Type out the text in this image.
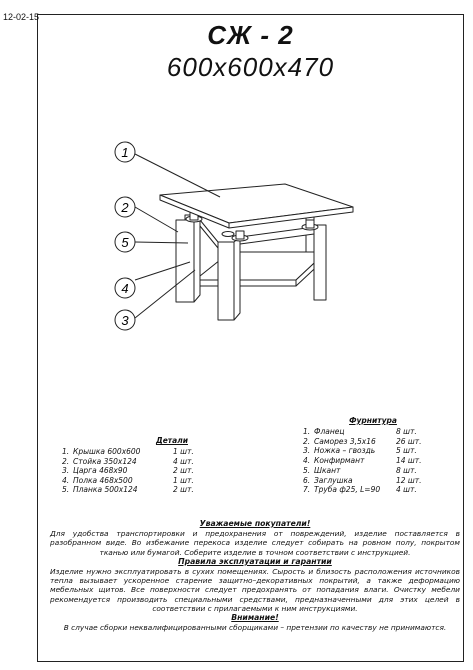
12-02-15
СЖ - 2
600x600x470
1
2
5
4
3
Детали
1. Крышка 600х600	1 шт.
2. Стойка 350х124	4 шт.
3. Царга 468х90	2 шт.
4. Полка 468х500	1 шт.
5. Планка 500х124	2 шт.
Фурнитура
1. Фланец	8 шт.
2. Саморез 3,5х16	26 шт.
3. Ножка – гвоздь	5 шт.
4. Конфирмант	14 шт.
5. Шкант	8 шт.
6. Заглушка	12 шт.
7. Труба ф25, L=90	4 шт.
Уважаемые покупатели!

Для удобства транспортировки и предохранения от повреждений, изделие поставляется в разобранном виде. Во избежание перекоса изделие следует собирать на ровном полу, покрытом тканью или бумагой. Соберите изделие в точном соответствии с инструкцией.

Правила эксплуатации и гарантии

Изделие нужно эксплуатировать в сухих помещениях. Сырость и близость расположения источников тепла вызывает ускоренное старение защитно–декоративных покрытий, а также деформацию мебельных щитов. Все поверхности следует предохранять от попадания влаги. Очистку мебели рекомендуется производить специальными средствами, предназначенными для этих целей в соответствии с прилагаемыми к ним инструкциями.

Внимание!

В случае сборки неквалифицированными сборщиками – претензии по качеству не принимаются.
